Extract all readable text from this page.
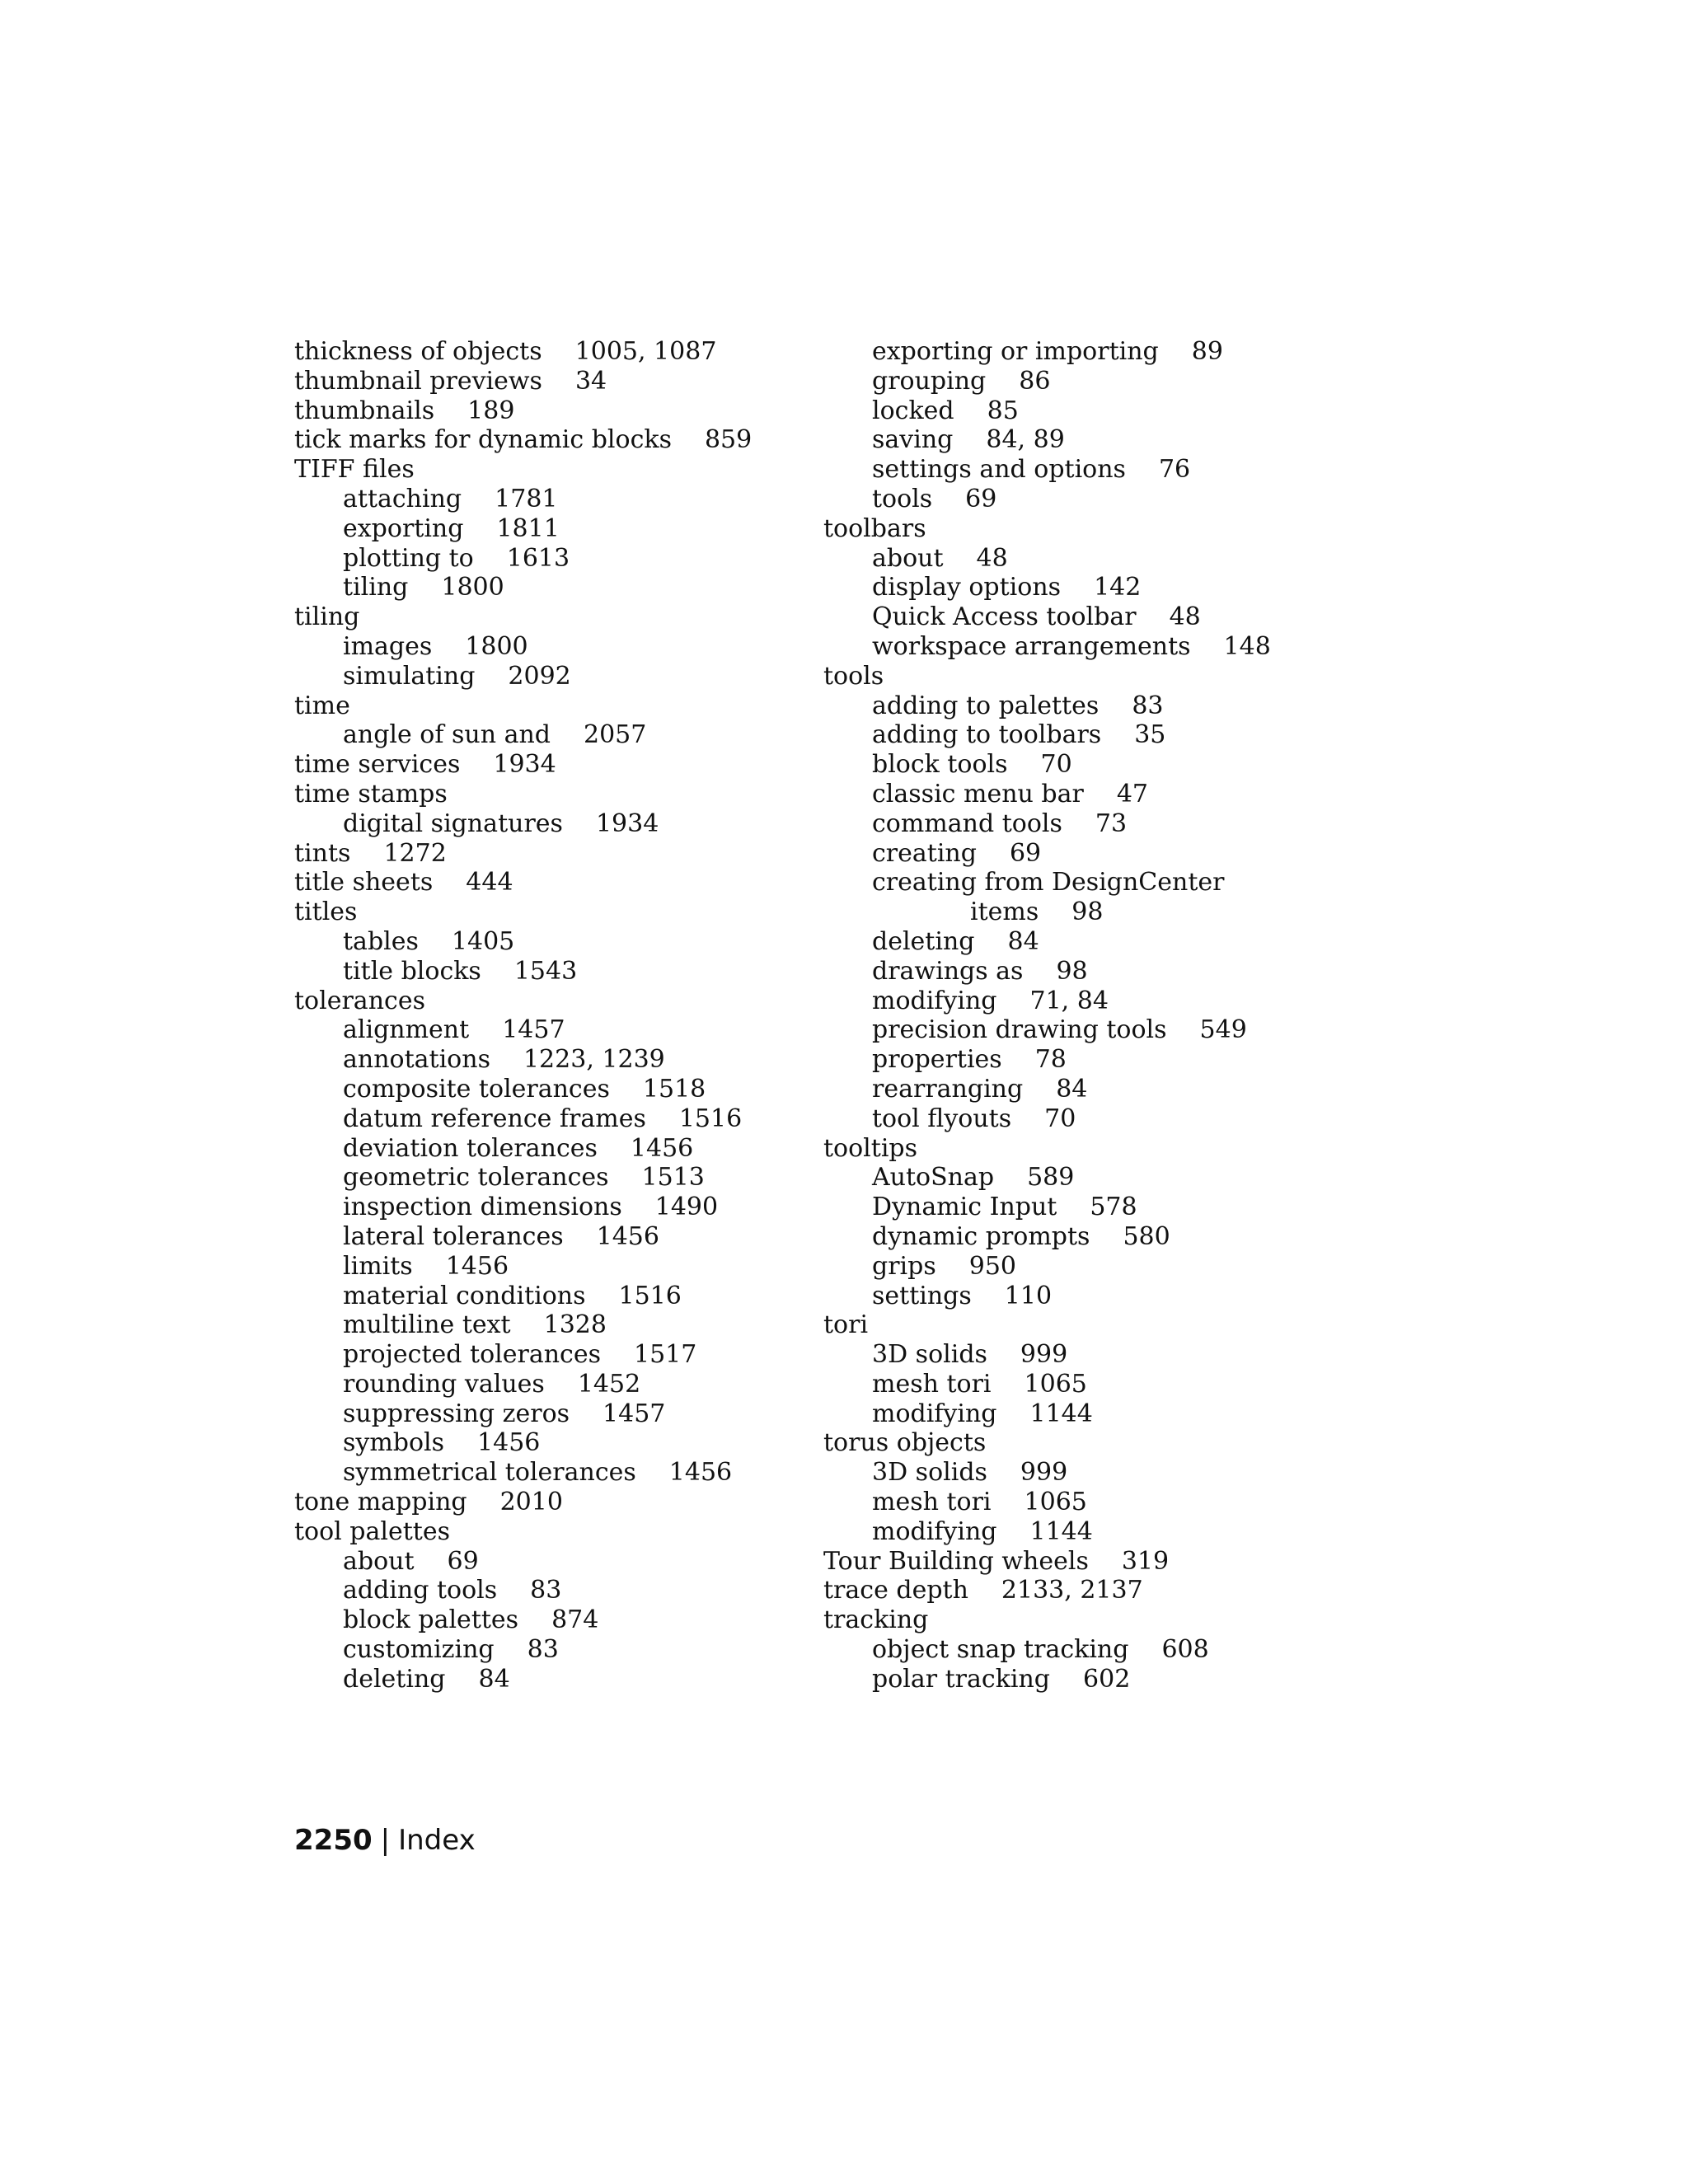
thickness of objects 1005, 1087
thumbnail previews 34
thumbnails 189
tick marks for dynamic blocks 859
TIFF files
attaching 1781
exporting 1811
plotting to 1613
tiling 1800
tiling
images 1800
simulating 2092
time
angle of sun and 2057
time services 1934
time stamps
digital signatures 1934
tints 1272
title sheets 444
titles
tables 1405
title blocks 1543
tolerances
alignment 1457
annotations 1223, 1239
composite tolerances 1518
datum reference frames 1516
deviation tolerances 1456
geometric tolerances 1513
inspection dimensions 1490
lateral tolerances 1456
limits 1456
material conditions 1516
multiline text 1328
projected tolerances 1517
rounding values 1452
suppressing zeros 1457
symbols 1456
symmetrical tolerances 1456
tone mapping 2010
tool palettes
about 69
adding tools 83
block palettes 874
customizing 83
deleting 84
exporting or importing 89
grouping 86
locked 85
saving 84, 89
settings and options 76
tools 69
toolbars
about 48
display options 142
Quick Access toolbar 48
workspace arrangements 148
tools
adding to palettes 83
adding to toolbars 35
block tools 70
classic menu bar 47
command tools 73
creating 69
creating from DesignCenter
items 98
deleting 84
drawings as 98
modifying 71, 84
precision drawing tools 549
properties 78
rearranging 84
tool flyouts 70
tooltips
AutoSnap 589
Dynamic Input 578
dynamic prompts 580
grips 950
settings 110
tori
3D solids 999
mesh tori 1065
modifying 1144
torus objects
3D solids 999
mesh tori 1065
modifying 1144
Tour Building wheels 319
trace depth 2133, 2137
tracking
object snap tracking 608
polar tracking 602
2250 | Index
